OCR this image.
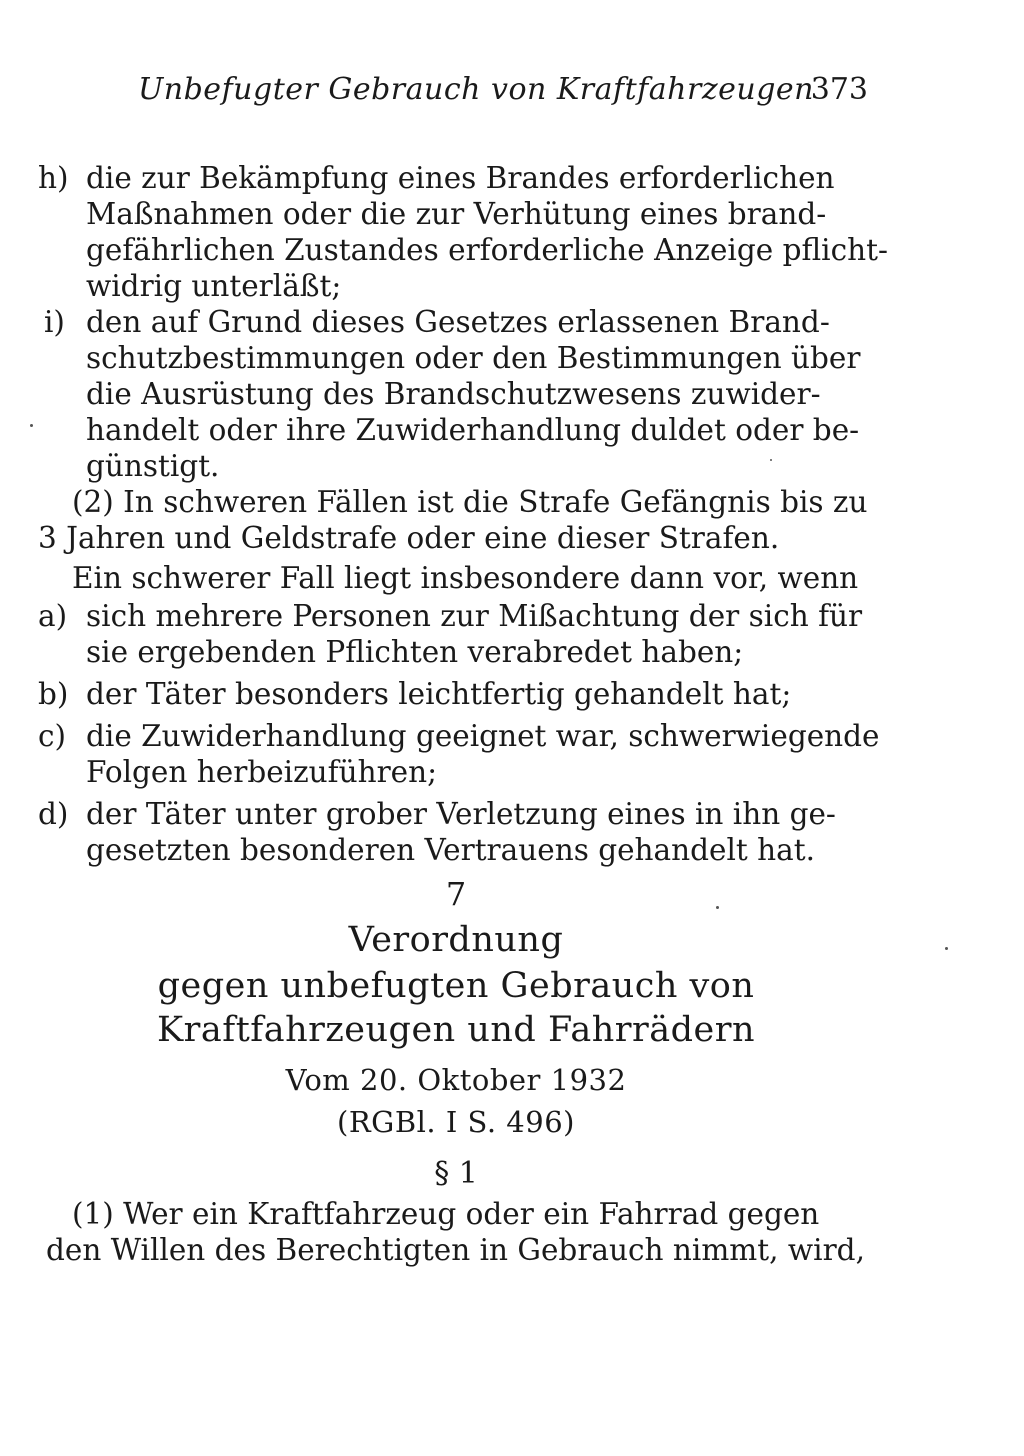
Unbefugter Gebrauch von Kraftfahrzeugen
373
h) die zur Bekämpfung eines Brandes erforderlichen
Maßnahmen oder die zur Verhütung eines brand-
gefährlichen Zustandes erforderliche Anzeige pflicht-
widrig unterläßt;
i) den auf Grund dieses Gesetzes erlassenen Brand-
schutzbestimmungen oder den Bestimmungen über
die Ausrüstung des Brandschutzwesens zuwider-
handelt oder ihre Zuwiderhandlung duldet oder be-
günstigt.
(2) In schweren Fällen ist die Strafe Gefängnis bis zu
3 Jahren und Geldstrafe oder eine dieser Strafen.
Ein schwerer Fall liegt insbesondere dann vor, wenn
a) sich mehrere Personen zur Mißachtung der sich für
sie ergebenden Pflichten verabredet haben;
b) der Täter besonders leichtfertig gehandelt hat;
c) die Zuwiderhandlung geeignet war, schwerwiegende
Folgen herbeizuführen;
d) der Täter unter grober Verletzung eines in ihn ge-
gesetzten besonderen Vertrauens gehandelt hat.
7
Verordnung
gegen unbefugten Gebrauch von
Kraftfahrzeugen und Fahrrädern
Vom 20. Oktober 1932
(RGBl. I S. 496)
§ 1
(1) Wer ein Kraftfahrzeug oder ein Fahrrad gegen
den Willen des Berechtigten in Gebrauch nimmt, wird,
